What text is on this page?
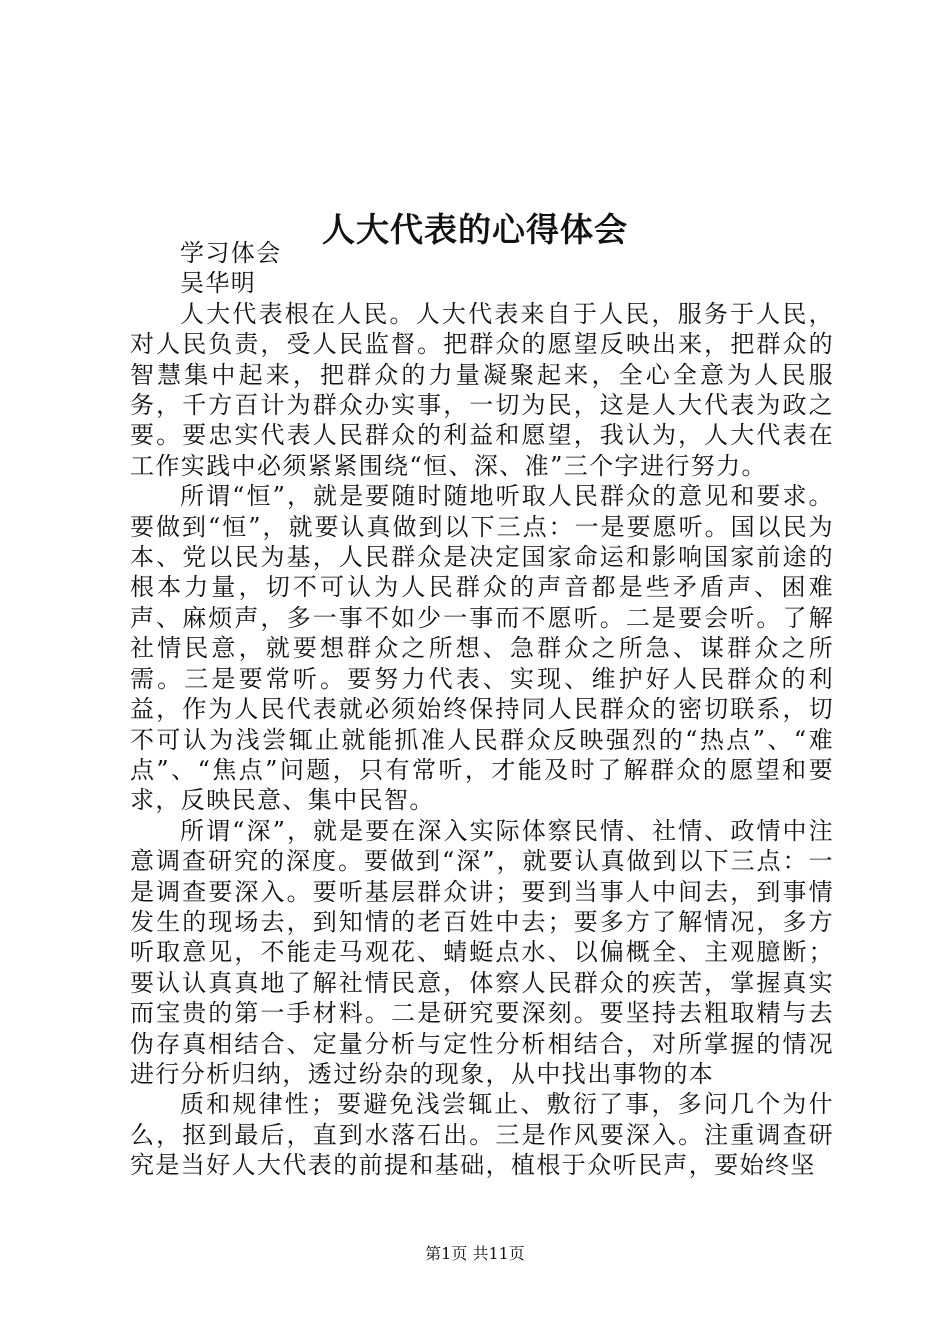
人大代表的心得体会

学习体会

吴华明

人大代表根在人民。人大代表来自于人民，服务于人民，对人民负责，受人民监督。把群众的愿望反映出来，把群众的智慧集中起来，把群众的力量凝聚起来，全心全意为人民服务，千方百计为群众办实事，一切为民，这是人大代表为政之要。要忠实代表人民群众的利益和愿望，我认为，人大代表在工作实践中必须紧紧围绕“恒、深、准”三个字进行努力。

所谓“恒”，就是要随时随地听取人民群众的意见和要求。要做到“恒”，就要认真做到以下三点：一是要愿听。国以民为本、党以民为基，人民群众是决定国家命运和影响国家前途的根本力量，切不可认为人民群众的声音都是些矛盾声、困难声、麻烦声，多一事不如少一事而不愿听。二是要会听。了解社情民意，就要想群众之所想、急群众之所急、谋群众之所需。三是要常听。要努力代表、实现、维护好人民群众的利益，作为人民代表就必须始终保持同人民群众的密切联系，切不可认为浅尝辄止就能抓准人民群众反映强烈的“热点”、“难点”、“焦点”问题，只有常听，才能及时了解群众的愿望和要求，反映民意、集中民智。

所谓“深”，就是要在深入实际体察民情、社情、政情中注意调查研究的深度。要做到“深”，就要认真做到以下三点：一是调查要深入。要听基层群众讲；要到当事人中间去，到事情发生的现场去，到知情的老百姓中去；要多方了解情况，多方听取意见，不能走马观花、蜻蜓点水、以偏概全、主观臆断；要认认真真地了解社情民意，体察人民群众的疾苦，掌握真实而宝贵的第一手材料。二是研究要深刻。要坚持去粗取精与去伪存真相结合、定量分析与定性分析相结合，对所掌握的情况进行分析归纳，透过纷杂的现象，从中找出事物的本

质和规律性；要避免浅尝辄止、敷衍了事，多问几个为什么，抠到最后，直到水落石出。三是作风要深入。注重调查研究是当好人大代表的前提和基础，植根于众听民声，要始终坚

第1页 共11页
